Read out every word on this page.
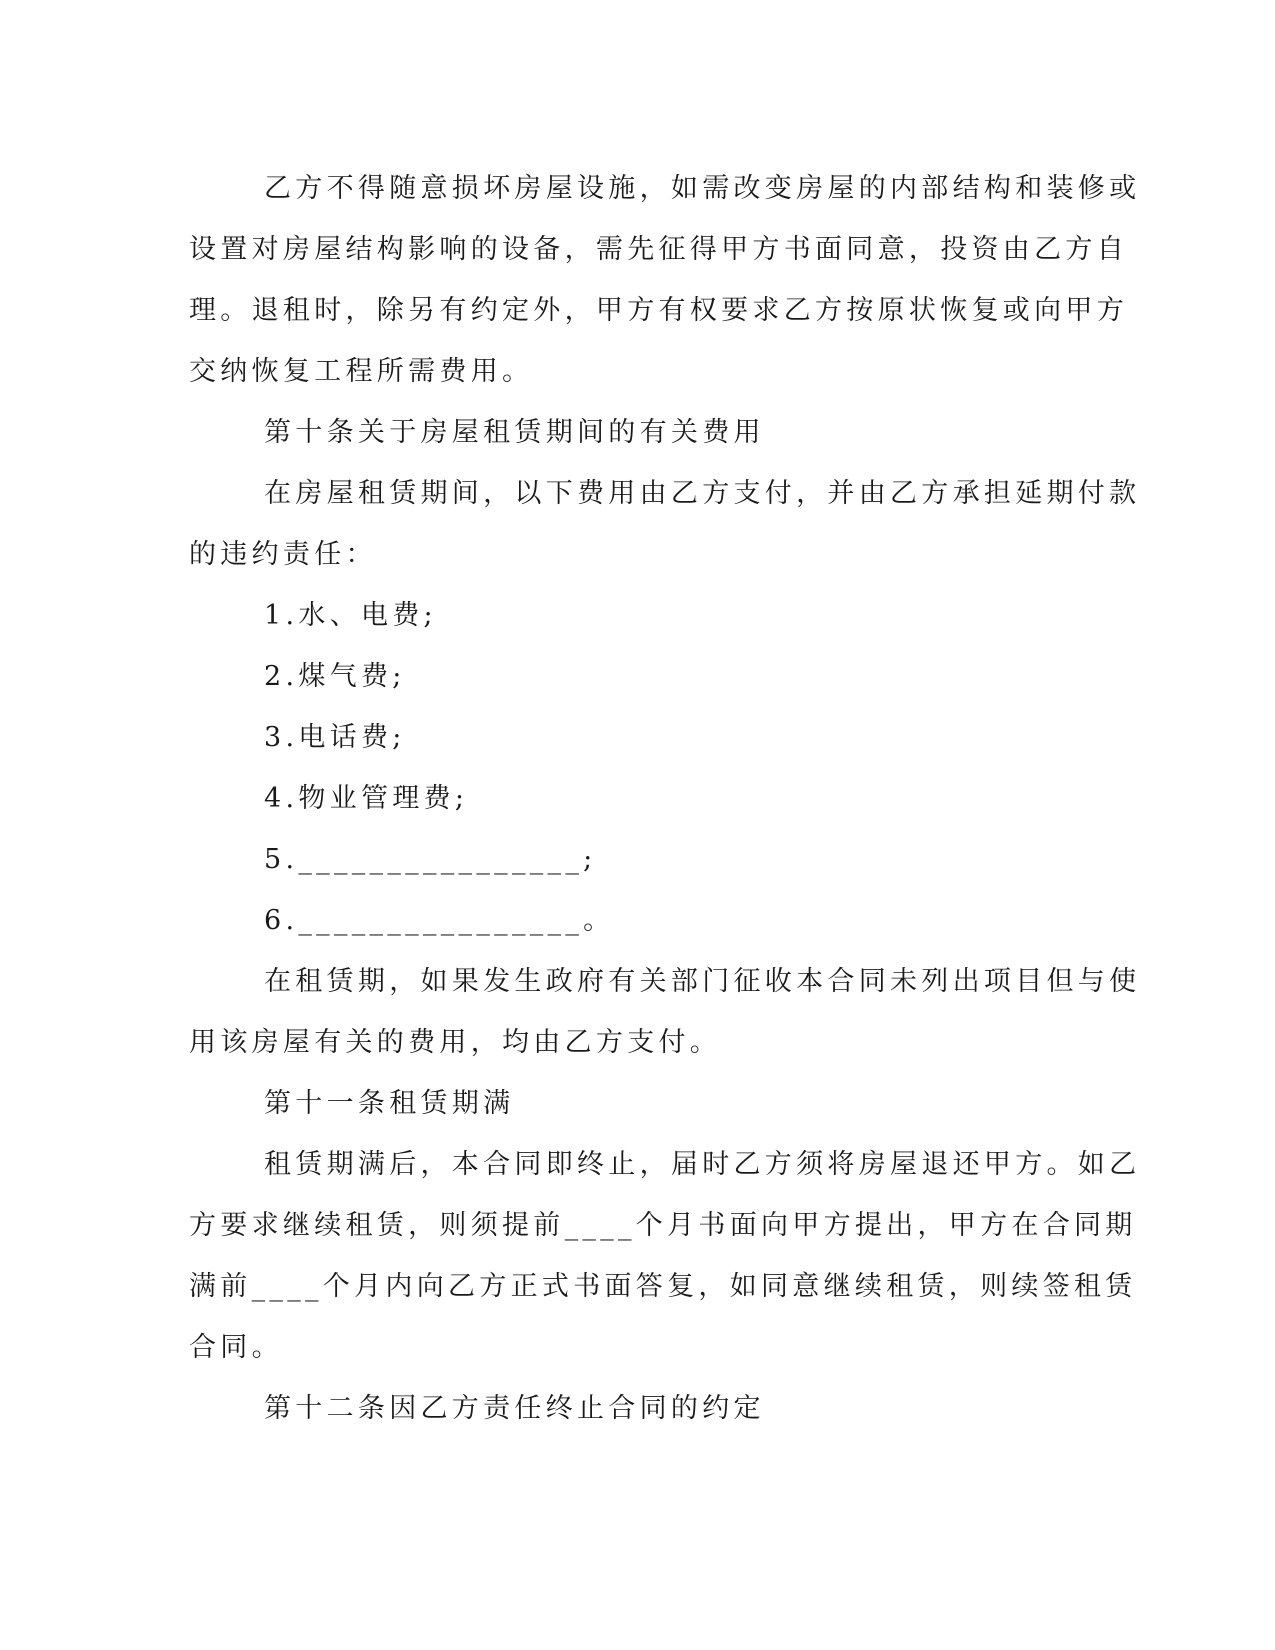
乙方不得随意损坏房屋设施，如需改变房屋的内部结构和装修或

设置对房屋结构影响的设备，需先征得甲方书面同意，投资由乙方自

理。退租时，除另有约定外，甲方有权要求乙方按原状恢复或向甲方

交纳恢复工程所需费用。

第十条关于房屋租赁期间的有关费用

在房屋租赁期间，以下费用由乙方支付，并由乙方承担延期付款

的违约责任：

1.水、电费;

2.煤气费;

3.电话费;

4.物业管理费;

5.________________;

6.________________。

在租赁期，如果发生政府有关部门征收本合同未列出项目但与使

用该房屋有关的费用，均由乙方支付。

第十一条租赁期满

租赁期满后，本合同即终止，届时乙方须将房屋退还甲方。如乙

方要求继续租赁，则须提前____个月书面向甲方提出，甲方在合同期

满前____个月内向乙方正式书面答复，如同意继续租赁，则续签租赁

合同。

第十二条因乙方责任终止合同的约定
